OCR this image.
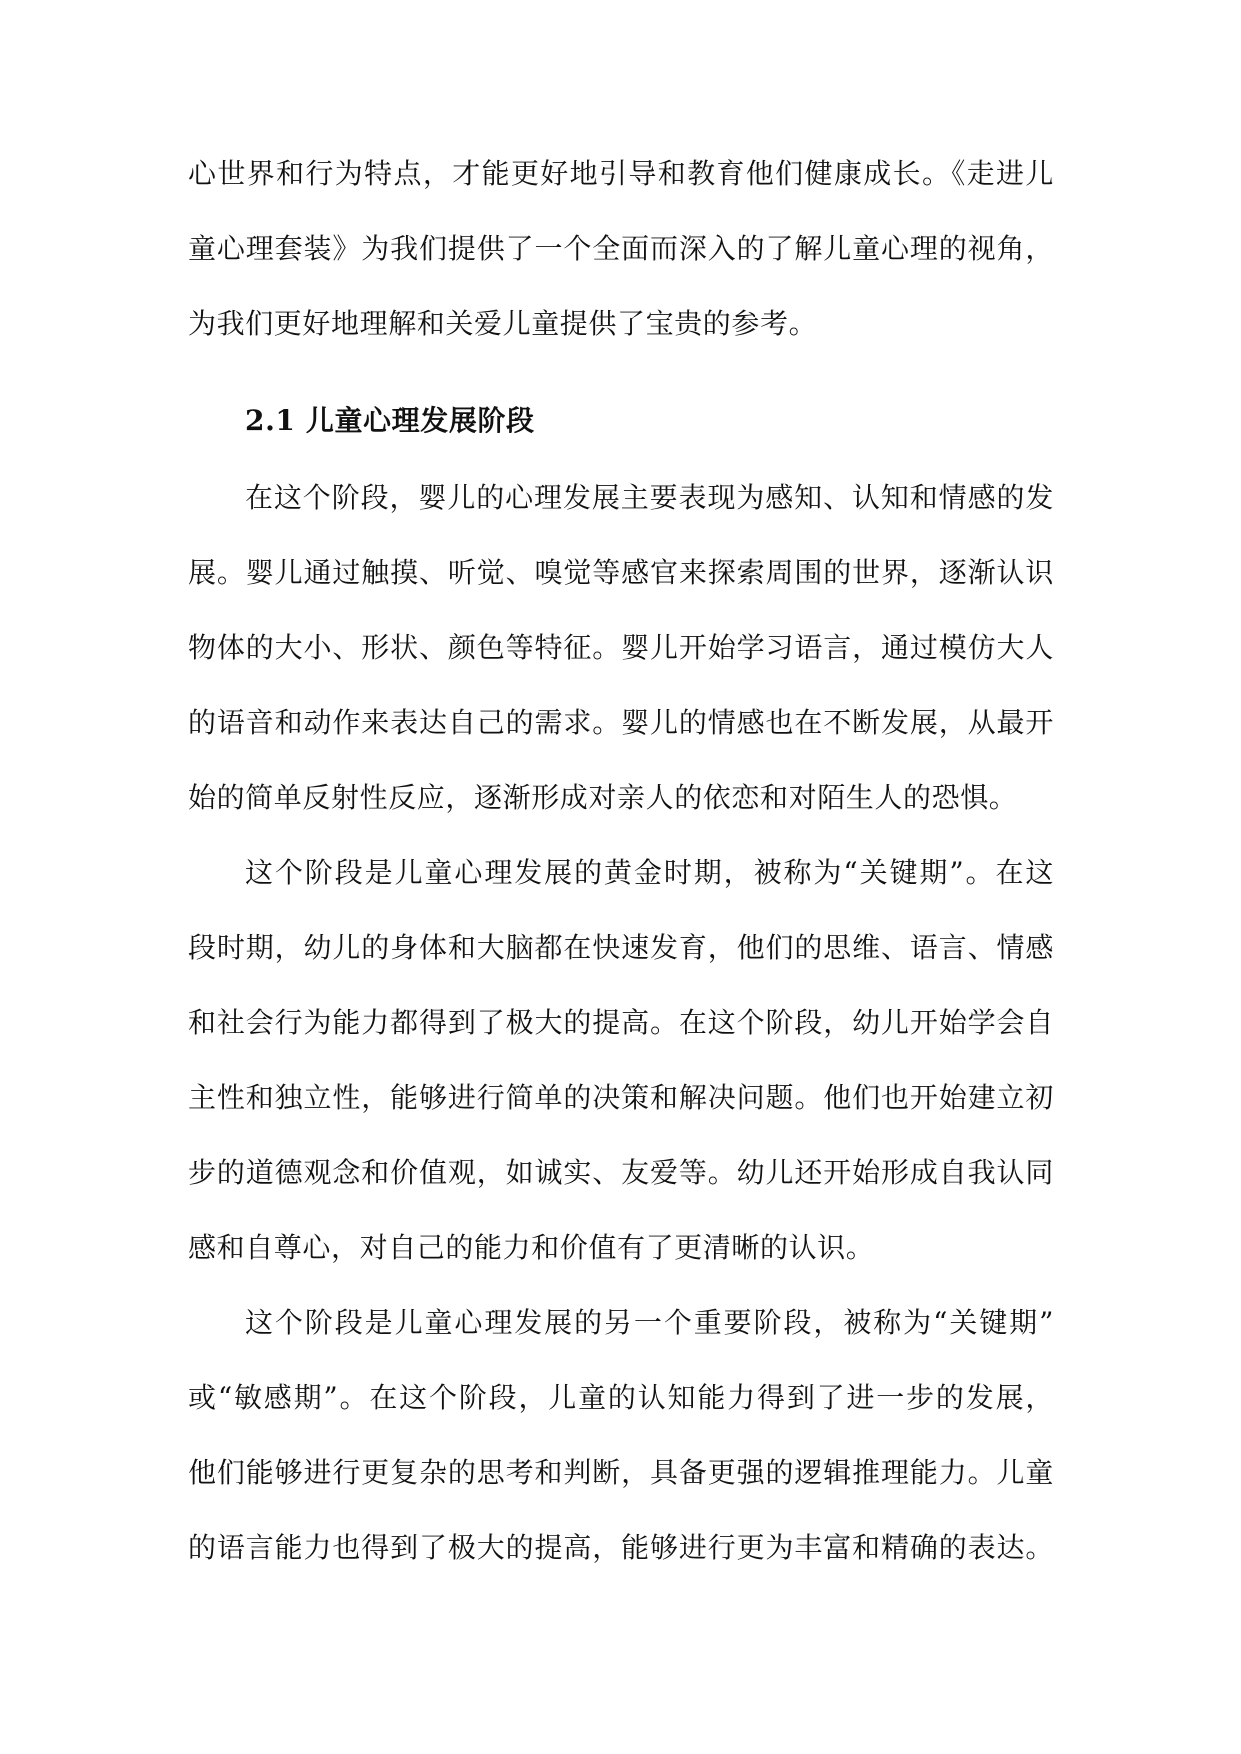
心世界和行为特点，才能更好地引导和教育他们健康成长。《走进儿
童心理套装》为我们提供了一个全面而深入的了解儿童心理的视角，
为我们更好地理解和关爱儿童提供了宝贵的参考。
2.1 儿童心理发展阶段
在这个阶段，婴儿的心理发展主要表现为感知、认知和情感的发
展。婴儿通过触摸、听觉、嗅觉等感官来探索周围的世界，逐渐认识
物体的大小、形状、颜色等特征。婴儿开始学习语言，通过模仿大人
的语音和动作来表达自己的需求。婴儿的情感也在不断发展，从最开
始的简单反射性反应，逐渐形成对亲人的依恋和对陌生人的恐惧。
这个阶段是儿童心理发展的黄金时期，被称为“关键期”。在这
段时期，幼儿的身体和大脑都在快速发育，他们的思维、语言、情感
和社会行为能力都得到了极大的提高。在这个阶段，幼儿开始学会自
主性和独立性，能够进行简单的决策和解决问题。他们也开始建立初
步的道德观念和价值观，如诚实、友爱等。幼儿还开始形成自我认同
感和自尊心，对自己的能力和价值有了更清晰的认识。
这个阶段是儿童心理发展的另一个重要阶段，被称为“关键期”
或“敏感期”。在这个阶段，儿童的认知能力得到了进一步的发展，
他们能够进行更复杂的思考和判断，具备更强的逻辑推理能力。儿童
的语言能力也得到了极大的提高，能够进行更为丰富和精确的表达。
